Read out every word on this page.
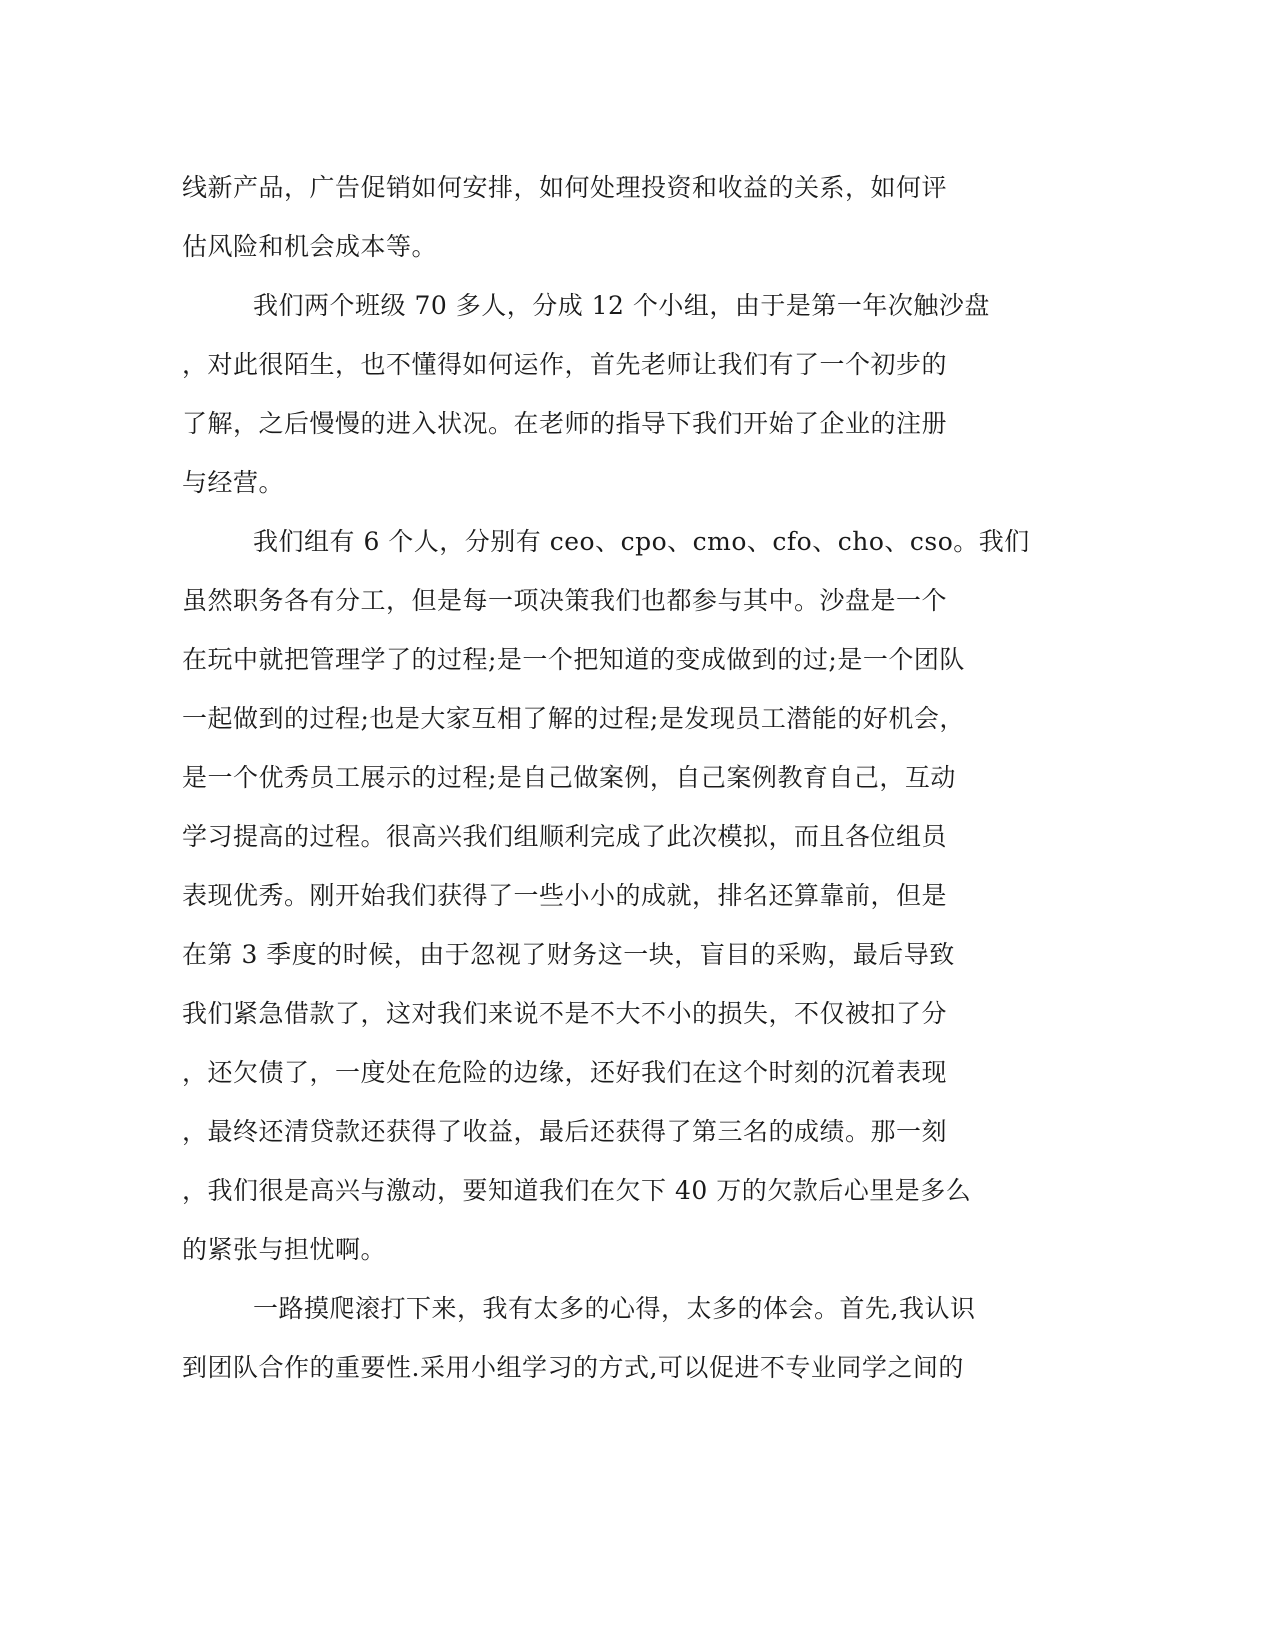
线新产品，广告促销如何安排，如何处理投资和收益的关系，如何评
估风险和机会成本等。
我们两个班级 70 多人，分成 12 个小组，由于是第一年次触沙盘
，对此很陌生，也不懂得如何运作，首先老师让我们有了一个初步的
了解，之后慢慢的进入状况。在老师的指导下我们开始了企业的注册
与经营。
我们组有 6 个人，分别有 ceo、cpo、cmo、cfo、cho、cso。我们
虽然职务各有分工，但是每一项决策我们也都参与其中。沙盘是一个
在玩中就把管理学了的过程;是一个把知道的变成做到的过;是一个团队
一起做到的过程;也是大家互相了解的过程;是发现员工潜能的好机会，
是一个优秀员工展示的过程;是自己做案例，自己案例教育自己，互动
学习提高的过程。很高兴我们组顺利完成了此次模拟，而且各位组员
表现优秀。刚开始我们获得了一些小小的成就，排名还算靠前，但是
在第 3 季度的时候，由于忽视了财务这一块，盲目的采购，最后导致
我们紧急借款了，这对我们来说不是不大不小的损失，不仅被扣了分
，还欠债了，一度处在危险的边缘，还好我们在这个时刻的沉着表现
，最终还清贷款还获得了收益，最后还获得了第三名的成绩。那一刻
，我们很是高兴与激动，要知道我们在欠下 40 万的欠款后心里是多么
的紧张与担忧啊。
一路摸爬滚打下来，我有太多的心得，太多的体会。首先,我认识
到团队合作的重要性.采用小组学习的方式,可以促进不专业同学之间的
